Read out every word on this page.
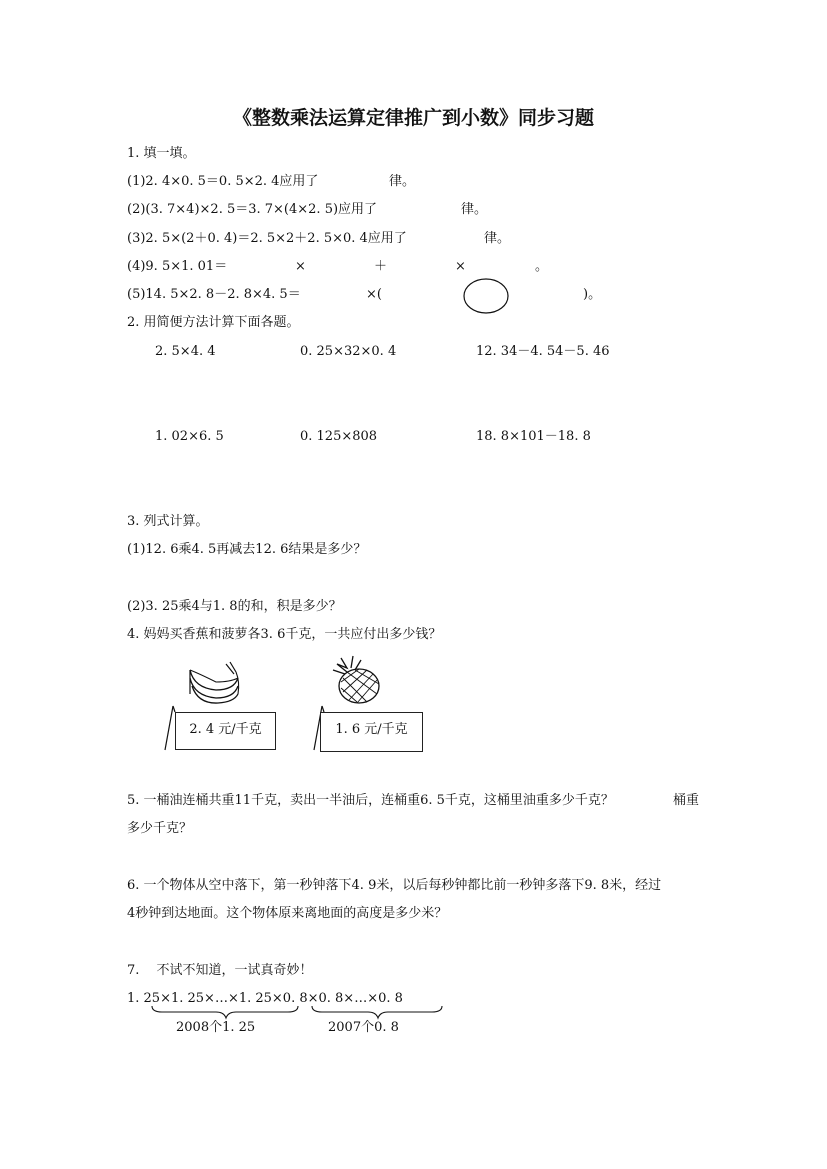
《整数乘法运算定律推广到小数》同步习题
1. 填一填。
(1)2. 4×0. 5＝0. 5×2. 4应用了	律。
(2)(3. 7×4)×2. 5＝3. 7×(4×2. 5)应用了	律。
(3)2. 5×(2＋0. 4)＝2. 5×2＋2. 5×0. 4应用了	律。
(4)9. 5×1. 01＝	×	＋	×	。
(5)14. 5×2. 8－2. 8×4. 5＝	×(	)。
2. 用简便方法计算下面各题。
2. 5×4. 4	0. 25×32×0. 4	12. 34－4. 54－5. 46
1. 02×6. 5	0. 125×808	18. 8×101－18. 8
3. 列式计算。
(1)12. 6乘4. 5再减去12. 6结果是多少？
(2)3. 25乘4与1. 8的和，积是多少？
4. 妈妈买香蕉和菠萝各3. 6千克，一共应付出多少钱？
2. 4 元/千克	1. 6 元/千克
5. 一桶油连桶共重11千克，卖出一半油后，连桶重6. 5千克，这桶里油重多少千克？	桶重
多少千克？
6. 一个物体从空中落下，第一秒钟落下4. 9米，以后每秒钟都比前一秒钟多落下9. 8米，经过
4秒钟到达地面。这个物体原来离地面的高度是多少米？
7.　 不试不知道，一试真奇妙！
1. 25×1. 25×…×1. 25×0. 8×0. 8×…×0. 8
2008个1. 25	2007个0. 8
